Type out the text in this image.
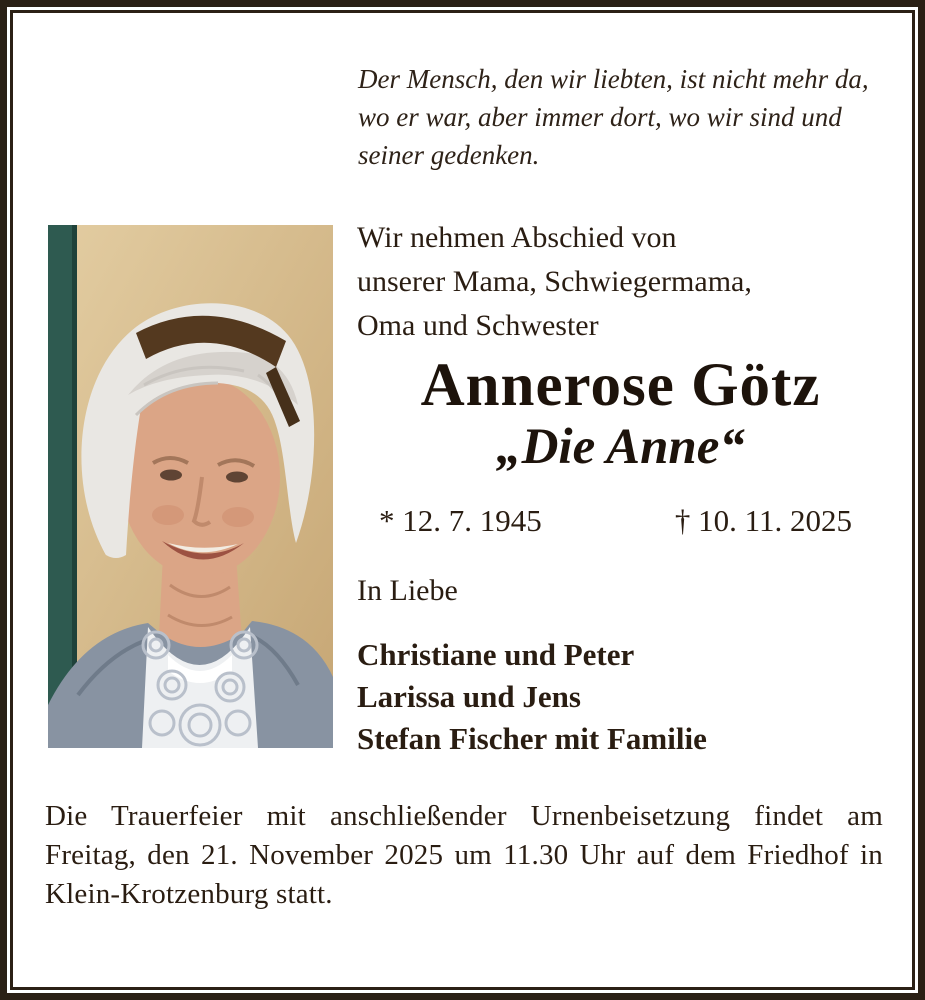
Der Mensch, den wir liebten, ist nicht mehr da,
wo er war, aber immer dort, wo wir sind und
seiner gedenken.
Wir nehmen Abschied von
unserer Mama, Schwiegermama,
Oma und Schwester
Annerose Götz
„Die Anne“
* 12. 7. 1945	† 10. 11. 2025
In Liebe
Christiane und Peter
Larissa und Jens
Stefan Fischer mit Familie
Die Trauerfeier mit anschließender Urnenbeisetzung findet am
Freitag, den 21. November 2025 um 11.30 Uhr auf dem Friedhof in
Klein-Krotzenburg statt.
